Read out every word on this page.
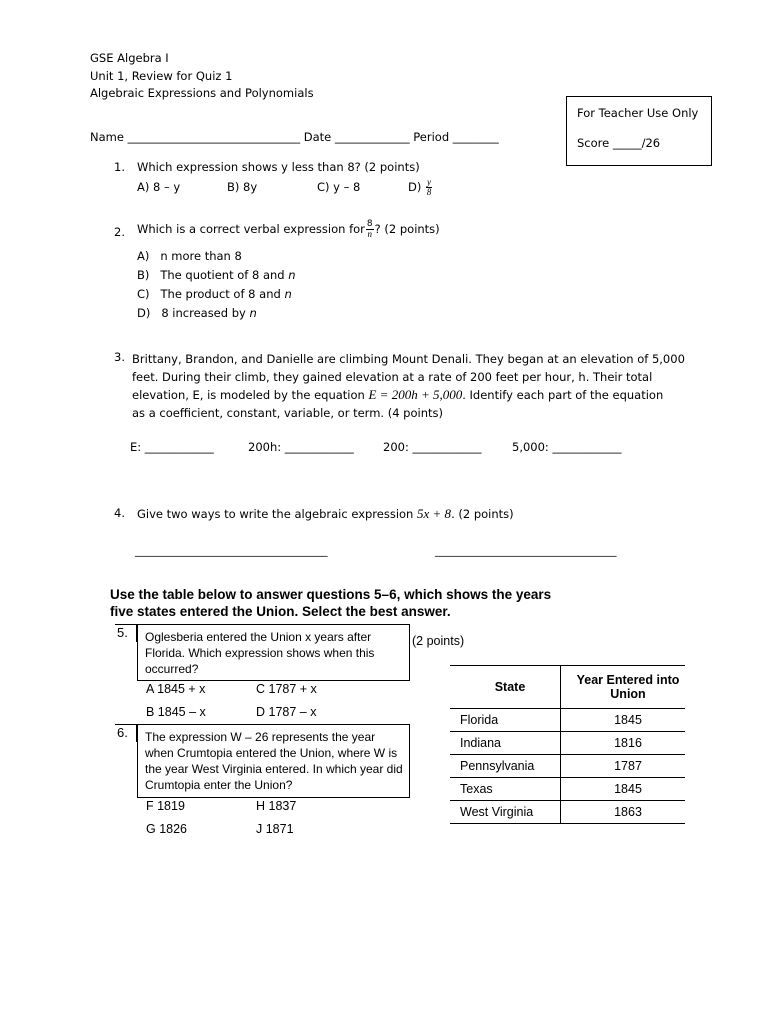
GSE Algebra I
Unit 1, Review for Quiz 1
Algebraic Expressions and Polynomials
For Teacher Use Only
Score _____/26
Name ______________________________ Date _____________ Period ________
1. Which expression shows y less than 8? (2 points)
A) 8 – y	B) 8y	C) y – 8	$D) \frac{y}{8}$
2. Which is a correct verbal expression for $\frac{8}{n}$ ? (2 points)
A) n more than 8
B) The quotient of 8 and n
C) The product of 8 and n
D) 8 increased by n
3. Brittany, Brandon, and Danielle are climbing Mount Denali. They began at an elevation of 5,000
feet. During their climb, they gained elevation at a rate of 200 feet per hour, h. Their total
elevation, E, is modeled by the equation E = 200h + 5,000. Identify each part of the equation
as a coefficient, constant, variable, or term. (4 points)
E: ____________	200h: ____________	200: ____________	5,000: ____________
4. Give two ways to write the algebraic expression 5x + 8. (2 points)
___________________________________	_________________________________
Use the table below to answer questions 5–6, which shows the years
five states entered the Union. Select the best answer.
5.	Oglesberia entered the Union x years after Florida. Which expression shows when this occurred?
(2 points)
A 1845 + x	C 1787 + x
B 1845 – x	D 1787 – x
6.	The expression W – 26 represents the year when Crumtopia entered the Union, where W is the year West Virginia entered. In which year did Crumtopia enter the Union?
F 1819	H 1837
G 1826	J 1871
State	Year Entered into Union
Florida	1845
Indiana	1816
Pennsylvania	1787
Texas	1845
West Virginia	1863
